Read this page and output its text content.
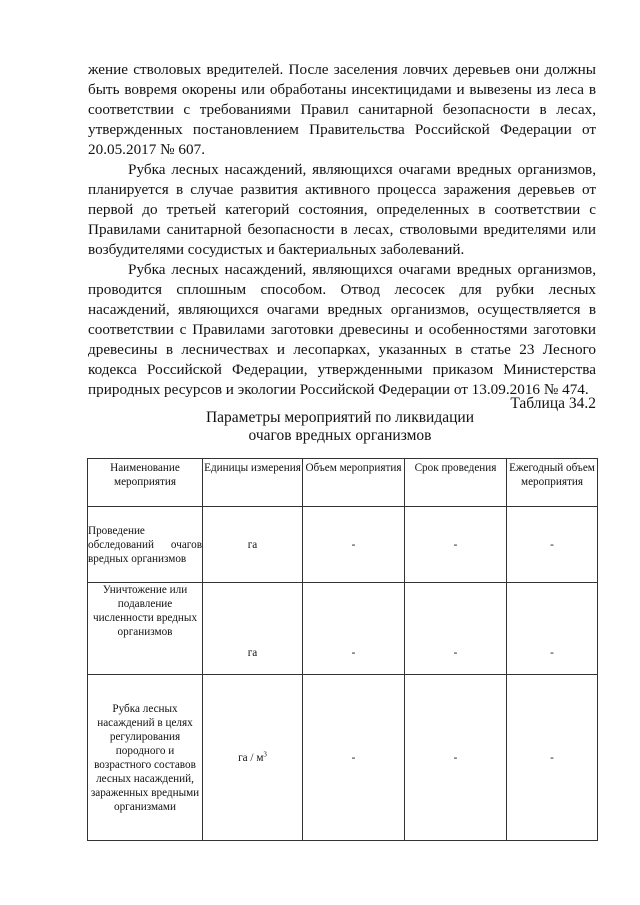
жение стволовых вредителей. После заселения ловчих деревьев они должны быть вовремя окорены или обработаны инсектицидами и вывезены из леса в соответствии с требованиями Правил санитарной безопасности в лесах, утвержденных постановлением Правительства Российской Федерации от 20.05.2017 № 607.

Рубка лесных насаждений, являющихся очагами вредных организмов, планируется в случае развития активного процесса заражения деревьев от первой до третьей категорий состояния, определенных в соответствии с Правилами санитарной безопасности в лесах, стволовыми вредителями или возбудителями сосудистых и бактериальных заболеваний.

Рубка лесных насаждений, являющихся очагами вредных организмов, проводится сплошным способом. Отвод лесосек для рубки лесных насаждений, являющихся очагами вредных организмов, осуществляется в соответствии с Правилами заготовки древесины и особенностями заготовки древесины в лесничествах и лесопарках, указанных в статье 23 Лесного кодекса Российской Федерации, утвержденными приказом Министерства природных ресурсов и экологии Российской Федерации от 13.09.2016 № 474.

Таблица 34.2
Параметры мероприятий по ликвидации
очагов вредных организмов
Наименование мероприятия	Единицы измерения	Объем мероприятия	Срок проведения	Ежегодный объем мероприятия
Проведение обследований очагов вредных организмов	га	-	-	-
Уничтожение или подавление численности вредных организмов	га	-	-	-
Рубка лесных насаждений в целях регулирования породного и возрастного составов лесных насаждений, зараженных вредными организмами	га / $м^3$	-	-	-
